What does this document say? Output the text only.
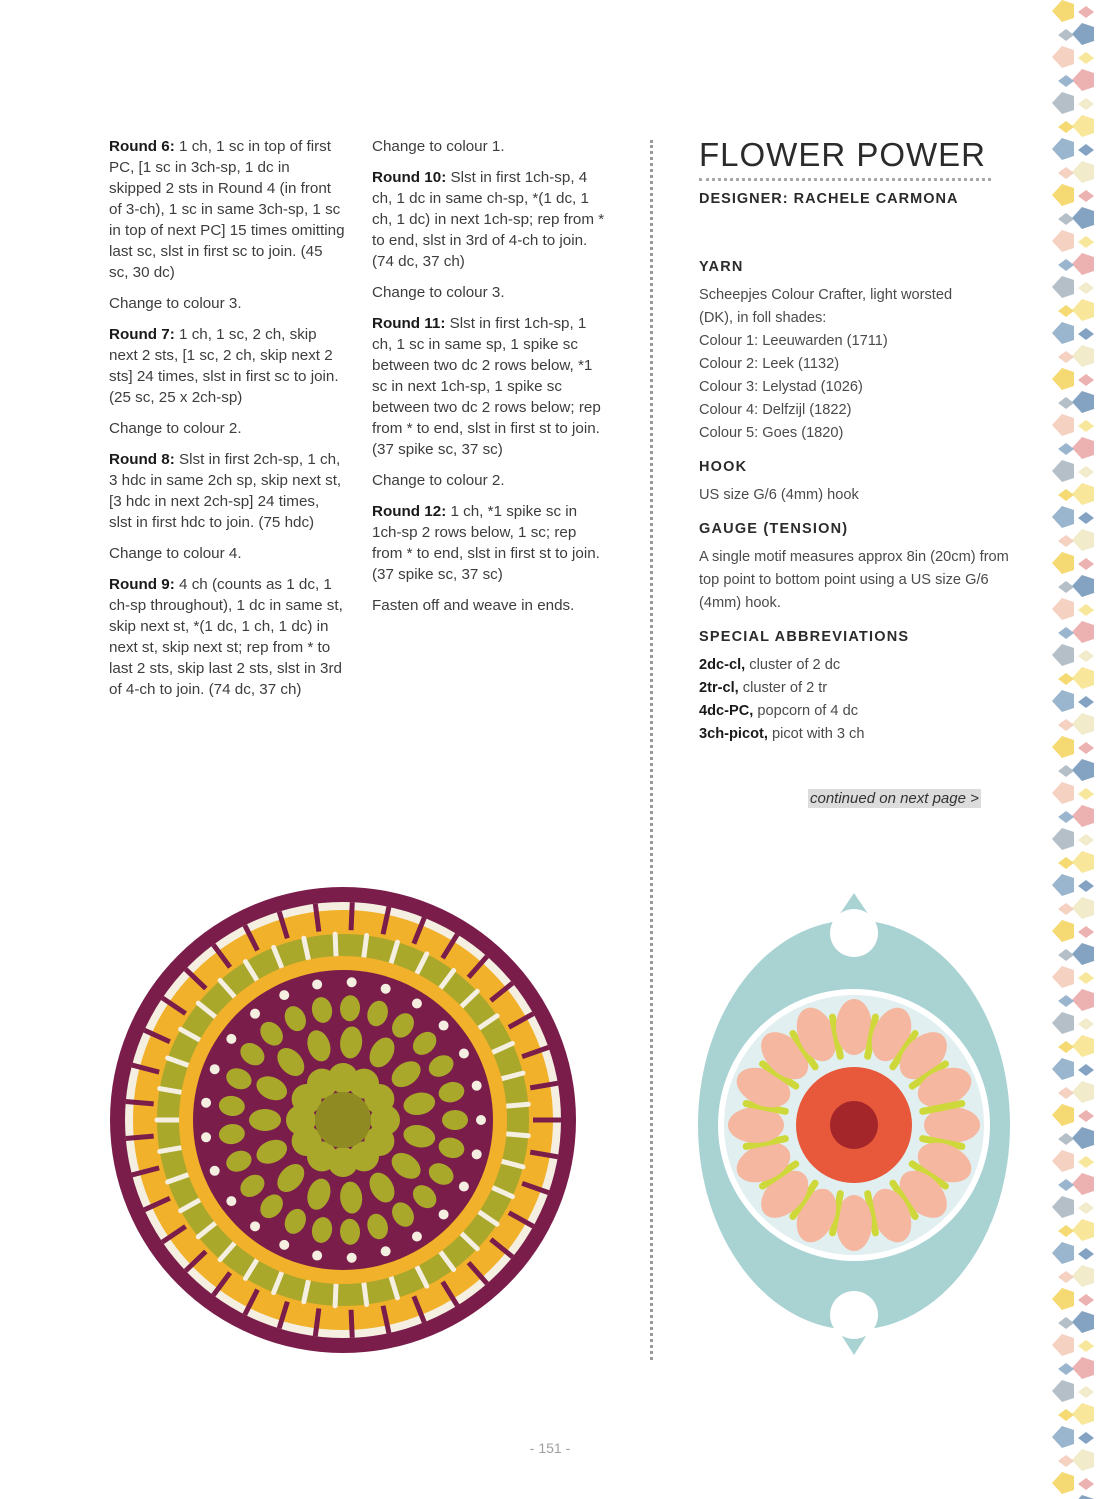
Round 6: 1 ch, 1 sc in top of first PC, [1 sc in 3ch-sp, 1 dc in skipped 2 sts in Round 4 (in front of 3-ch), 1 sc in same 3ch-sp, 1 sc in top of next PC] 15 times omitting last sc, slst in first sc to join. (45 sc, 30 dc)

Change to colour 3.

Round 7: 1 ch, 1 sc, 2 ch, skip next 2 sts, [1 sc, 2 ch, skip next 2 sts] 24 times, slst in first sc to join. (25 sc, 25 x 2ch-sp)

Change to colour 2.

Round 8: Slst in first 2ch-sp, 1 ch, 3 hdc in same 2ch sp, skip next st, [3 hdc in next 2ch-sp] 24 times, slst in first hdc to join. (75 hdc)

Change to colour 4.

Round 9: 4 ch (counts as 1 dc, 1 ch-sp throughout), 1 dc in same st, skip next st, *(1 dc, 1 ch, 1 dc) in next st, skip next st; rep from * to last 2 sts, skip last 2 sts, slst in 3rd of 4-ch to join. (74 dc, 37 ch)

Change to colour 1.

Round 10: Slst in first 1ch-sp, 4 ch, 1 dc in same ch-sp, *(1 dc, 1 ch, 1 dc) in next 1ch-sp; rep from * to end, slst in 3rd of 4-ch to join. (74 dc, 37 ch)

Change to colour 3.

Round 11: Slst in first 1ch-sp, 1 ch, 1 sc in same sp, 1 spike sc between two dc 2 rows below, *1 sc in next 1ch-sp, 1 spike sc between two dc 2 rows below; rep from * to end, slst in first st to join. (37 spike sc, 37 sc)

Change to colour 2.

Round 12: 1 ch, *1 spike sc in 1ch-sp 2 rows below, 1 sc; rep from * to end, slst in first st to join. (37 spike sc, 37 sc)

Fasten off and weave in ends.

FLOWER POWER
DESIGNER: RACHELE CARMONA
YARN
Scheepjes Colour Crafter, light worsted
(DK), in foll shades:
Colour 1: Leeuwarden (1711)
Colour 2: Leek (1132)
Colour 3: Lelystad (1026)
Colour 4: Delfzijl (1822)
Colour 5: Goes (1820)
HOOK

US size G/6 (4mm) hook

GAUGE (TENSION)

A single motif measures approx 8in (20cm) from top point to bottom point using a US size G/6 (4mm) hook.

SPECIAL ABBREVIATIONS
2dc-cl, cluster of 2 dc
2tr-cl, cluster of 2 tr
4dc-PC, popcorn of 4 dc
3ch-picot, picot with 3 ch
continued on next page >
- 151 -
